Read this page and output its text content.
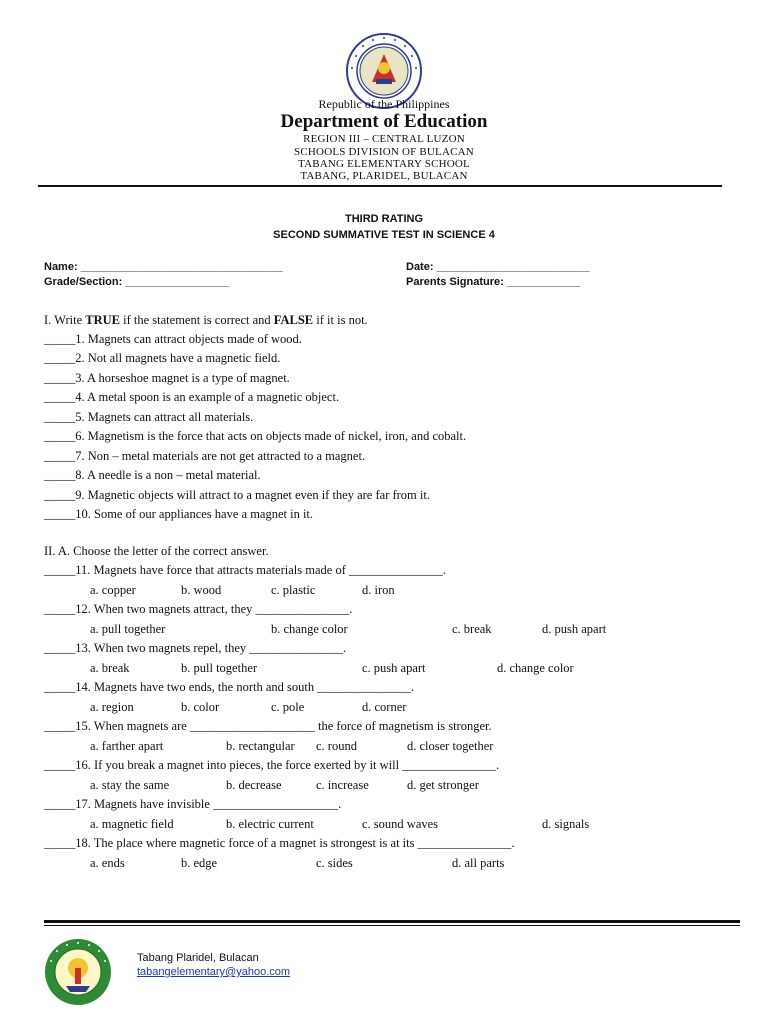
Republic of the Philippines
Department of Education
REGION III – CENTRAL LUZON
SCHOOLS DIVISION OF BULACAN
TABANG ELEMENTARY SCHOOL
TABANG, PLARIDEL, BULACAN
THIRD RATING
SECOND SUMMATIVE TEST IN SCIENCE 4
Name: _________________________________
Grade/Section: _________________
Date: _________________________
Parents Signature: ____________
I. Write TRUE if the statement is correct and FALSE if it is not.
_____1. Magnets can attract objects made of wood.
_____2. Not all magnets have a magnetic field.
_____3. A horseshoe magnet is a type of magnet.
_____4. A metal spoon is an example of a magnetic object.
_____5. Magnets can attract all materials.
_____6. Magnetism is the force that acts on objects made of nickel, iron, and cobalt.
_____7. Non – metal materials are not get attracted to a magnet.
_____8. A needle is a non – metal material.
_____9. Magnetic objects will attract to a magnet even if they are far from it.
_____10. Some of our appliances have a magnet in it.
II. A. Choose the letter of the correct answer.
_____11. Magnets have force that attracts materials made of _______________.
a. copper	b. wood	c. plastic	d. iron
_____12. When two magnets attract, they _______________.
a. pull together	b. change color	c. break	d. push apart
_____13. When two magnets repel, they _______________.
a. break	b. pull together	c. push apart	d. change color
_____14. Magnets have two ends, the north and south _______________.
a. region	b. color	c. pole	d. corner
_____15. When magnets are ____________________ the force of magnetism is stronger.
a. farther apart	b. rectangular c. round	d. closer together
_____16. If you break a magnet into pieces, the force exerted by it will _______________.
a. stay the same	b. decrease	c. increase	d. get stronger
_____17. Magnets have invisible ____________________.
a. magnetic field	b. electric current	c. sound waves	d. signals
_____18. The place where magnetic force of a magnet is strongest is at its _______________.
a. ends	b. edge	c. sides	d. all parts
Tabang Plaridel, Bulacan
tabangelementary@yahoo.com
